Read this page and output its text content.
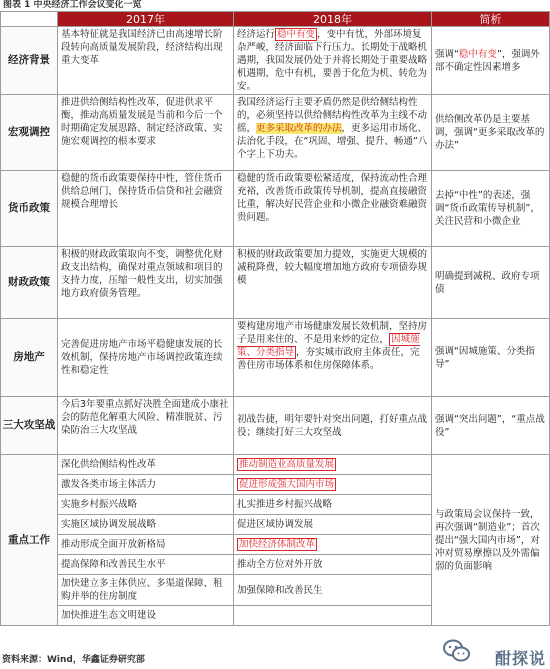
图表 1 中央经济工作会议变化一览
	2017年	2018年	简析
经济背景	基本特征就是我国经济已由高速增长阶段转向高质量发展阶段，经济结构出现重大变革	经济运行 稳中有变 ，变中有忧，外部环境复杂严峻，经济面临下行压力。长期处于战略机遇期，我国发展仍处于并将长期处于重要战略机遇期，危中有机，要善于化危为机、转危为安。	强调“稳中有变”，强调外部不确定性因素增多
宏观调控	推进供给侧结构性改革，促进供求平衡，推动高质量发展是当前和今后一个时期确定发展思路、制定经济政策、实施宏观调控的根本要求	我国经济运行主要矛盾仍然是供给侧结构性的，必须坚持以供给侧结构性改革为主线不动摇，更多采取改革的办法，更多运用市场化、法治化手段，在“巩固、增强、提升、畅通”八个字上下功夫。	供给侧改革仍是主要基调，强调“更多采取改革的办法”
货币政策	稳健的货币政策要保持中性，管住货币供给总闸门，保持货币信贷和社会融资规模合理增长	稳健的货币政策要松紧适度，保持流动性合理充裕，改善货币政策传导机制，提高直接融资比重，解决好民营企业和小微企业融资难融资贵问题。	去掉“中性”的表述，强调“货币政策传导机制”，关注民营和小微企业
财政政策	积极的财政政策取向不变，调整优化财政支出结构，确保对重点领域和项目的支持力度，压缩一般性支出，切实加强地方政府债务管理。	积极的财政政策要加力提效，实施更大规模的减税降费，较大幅度增加地方政府专项债券规模	明确提到减税、政府专项债
房地产	完善促进房地产市场平稳健康发展的长效机制，保持房地产市场调控政策连续性和稳定性	要构建房地产市场健康发展长效机制，坚持房子是用来住的、不是用来炒的定位， 因城施策、分类指导 ，夯实城市政府主体责任，完善住房市场体系和住房保障体系。	强调“因城施策、分类指导”
三大攻坚战	今后3年要重点抓好决胜全面建成小康社会的防范化解重大风险、精准脱贫、污染防治三大攻坚战	初战告捷，明年要针对突出问题，打好重点战役；继续打好三大攻坚战	强调“突出问题”，“重点战役”
重点工作	深化供给侧结构性改革	推动制造业高质量发展	与政策局会议保持一致，再次强调“制造业”；首次提出“强大国内市场”，对冲对贸易摩擦以及外需偏弱的负面影响
	激发各类市场主体活力	促进形成强大国内市场	
	实施乡村振兴战略	扎实推进乡村振兴战略	
	实施区域协调发展战略	促进区域协调发展	
	推动形成全面开放新格局	加快经济体制改革	
	提高保障和改善民生水平	推动全方位对外开放	
	加快建立多主体供应、多渠道保障、租购并举的住房制度	加强保障和改善民生	
	加快推进生态文明建设		
资料来源：Wind，华鑫证券研究部	酣探说
